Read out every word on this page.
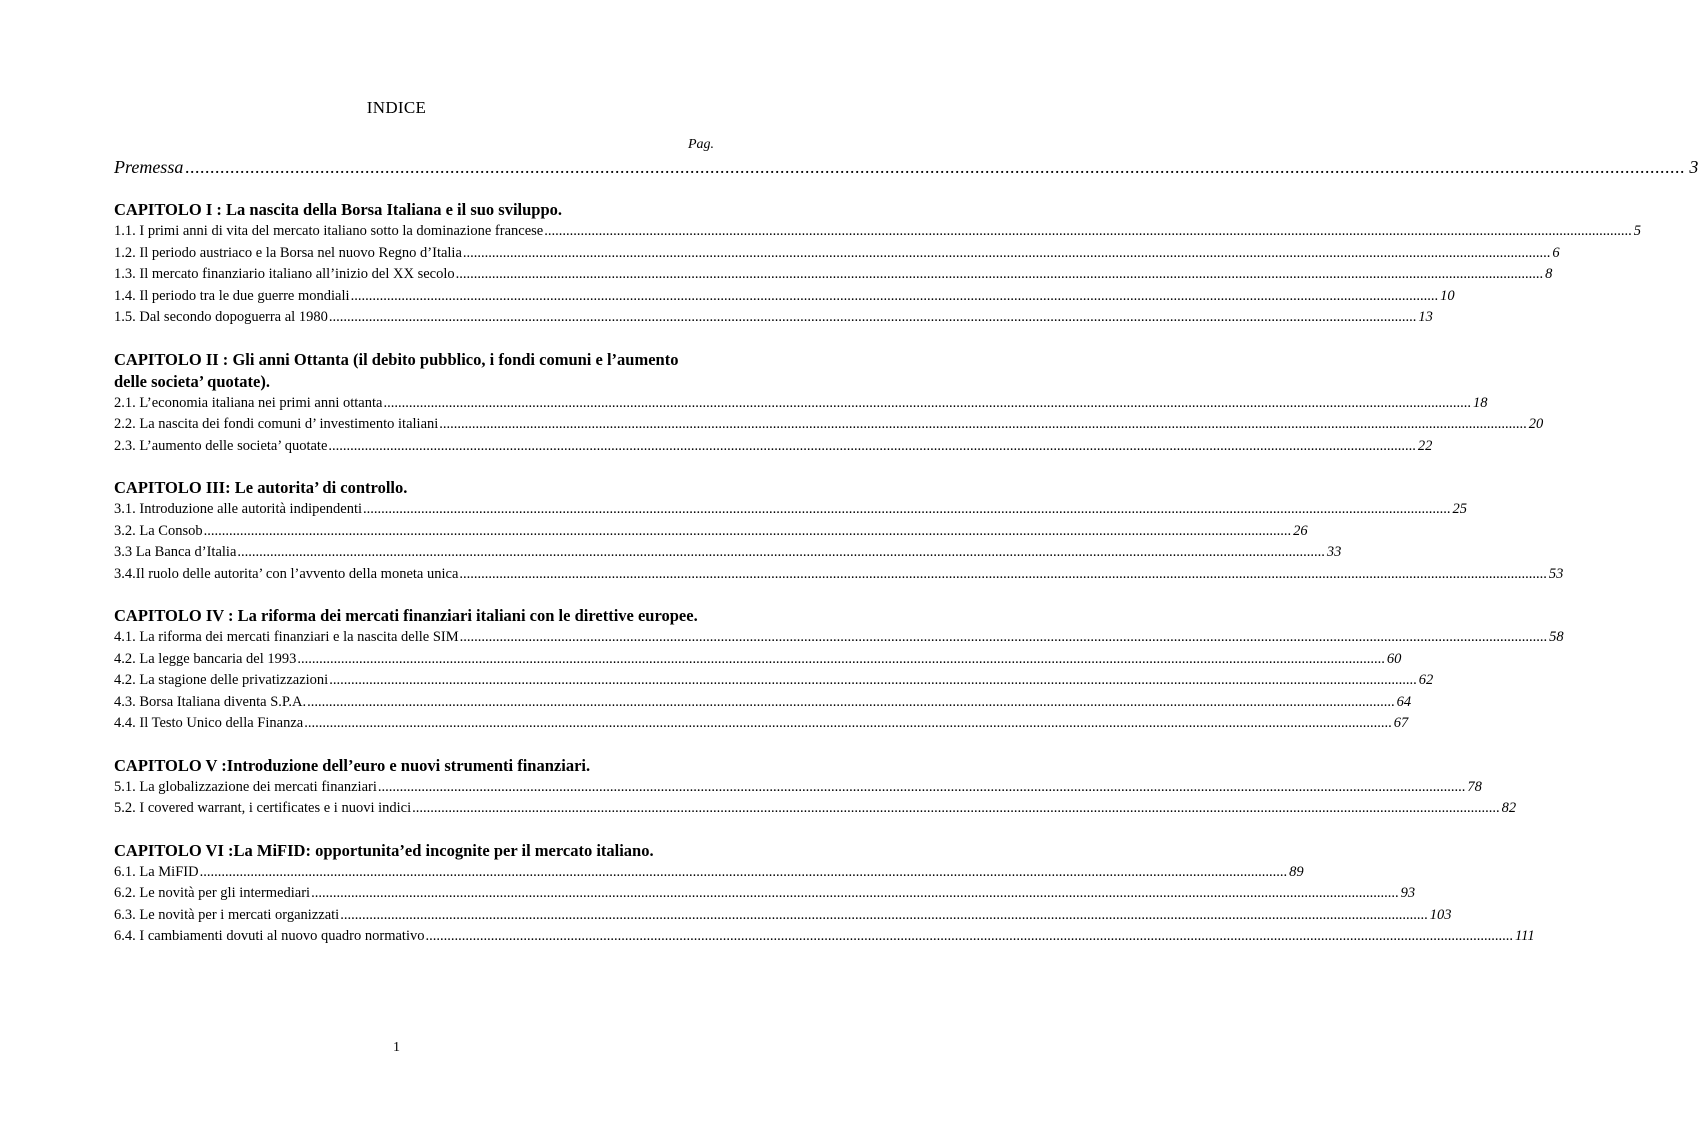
INDICE
Pag.
Premessa ............................................................................................................................................................................................................................................................................................................ 3
CAPITOLO I : La nascita della Borsa Italiana e il suo sviluppo.
1.1. I primi anni di vita del mercato italiano sotto la dominazione francese ............................................................................................................................................................................................................................................................................................................ 5
1.2. Il periodo austriaco e la Borsa nel nuovo Regno d’Italia ............................................................................................................................................................................................................................................................................................................ 6
1.3. Il mercato finanziario italiano all’inizio del XX secolo ............................................................................................................................................................................................................................................................................................................ 8
1.4. Il periodo tra le due guerre mondiali ............................................................................................................................................................................................................................................................................................................ 10
1.5. Dal secondo dopoguerra al 1980 ............................................................................................................................................................................................................................................................................................................ 13
CAPITOLO II : Gli anni Ottanta (il debito pubblico, i fondi comuni e l’aumento delle societa’ quotate).
2.1. L’economia italiana nei primi anni ottanta ............................................................................................................................................................................................................................................................................................................ 18
2.2. La nascita dei fondi comuni d’ investimento italiani ............................................................................................................................................................................................................................................................................................................ 20
2.3. L’aumento delle societa’ quotate ............................................................................................................................................................................................................................................................................................................ 22
CAPITOLO III: Le autorita’ di controllo.
3.1. Introduzione alle autorità indipendenti ............................................................................................................................................................................................................................................................................................................ 25
3.2. La Consob ............................................................................................................................................................................................................................................................................................................ 26
3.3 La Banca d’Italia ............................................................................................................................................................................................................................................................................................................ 33
3.4.Il ruolo delle autorita’ con l’avvento della moneta unica ............................................................................................................................................................................................................................................................................................................ 53
CAPITOLO IV : La riforma dei mercati finanziari italiani con le direttive europee.
4.1. La riforma dei mercati finanziari e la nascita delle SIM ............................................................................................................................................................................................................................................................................................................ 58
4.2. La legge bancaria del 1993 ............................................................................................................................................................................................................................................................................................................ 60
4.2. La stagione delle privatizzazioni ............................................................................................................................................................................................................................................................................................................ 62
4.3. Borsa Italiana diventa S.P.A. ............................................................................................................................................................................................................................................................................................................ 64
4.4. Il Testo Unico della Finanza ............................................................................................................................................................................................................................................................................................................ 67
CAPITOLO V :Introduzione dell’euro e nuovi strumenti finanziari.
5.1. La globalizzazione dei mercati finanziari ............................................................................................................................................................................................................................................................................................................ 78
5.2. I covered warrant, i certificates e i nuovi indici ............................................................................................................................................................................................................................................................................................................ 82
CAPITOLO VI :La MiFID: opportunita’ed incognite per il mercato italiano.
6.1. La MiFID ............................................................................................................................................................................................................................................................................................................ 89
6.2. Le novità per gli intermediari ............................................................................................................................................................................................................................................................................................................ 93
6.3. Le novità per i mercati organizzati ............................................................................................................................................................................................................................................................................................................ 103
6.4. I cambiamenti dovuti al nuovo quadro normativo ............................................................................................................................................................................................................................................................................................................ 111
1
